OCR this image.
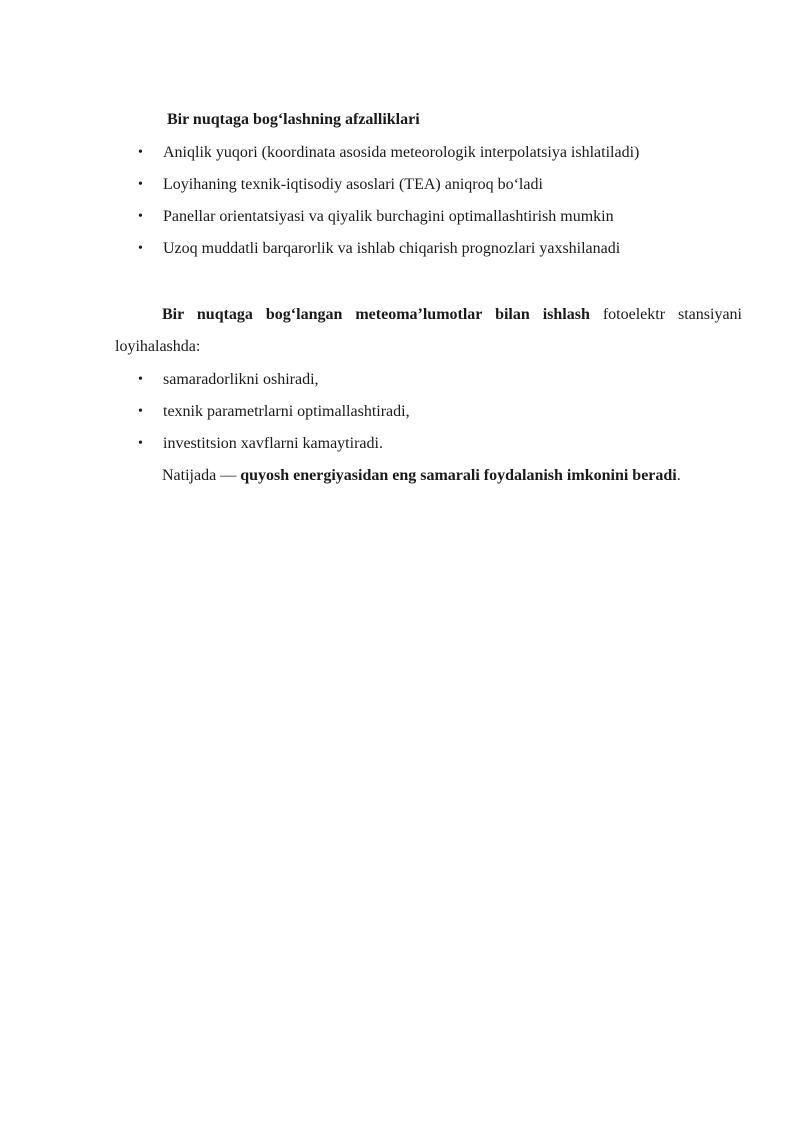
Bir nuqtaga bog‘lashning afzalliklari

• Aniqlik yuqori (koordinata asosida meteorologik interpolatsiya ishlatiladi)
• Loyihaning texnik-iqtisodiy asoslari (TEA) aniqroq bo‘ladi
• Panellar orientatsiyasi va qiyalik burchagini optimallashtirish mumkin
• Uzoq muddatli barqarorlik va ishlab chiqarish prognozlari yaxshilanadi

Bir nuqtaga bog‘langan meteoma’lumotlar bilan ishlash fotoelektr stansiyani loyihalashda:

• samaradorlikni oshiradi,
• texnik parametrlarni optimallashtiradi,
• investitsion xavflarni kamaytiradi.

Natijada — quyosh energiyasidan eng samarali foydalanish imkonini beradi.
